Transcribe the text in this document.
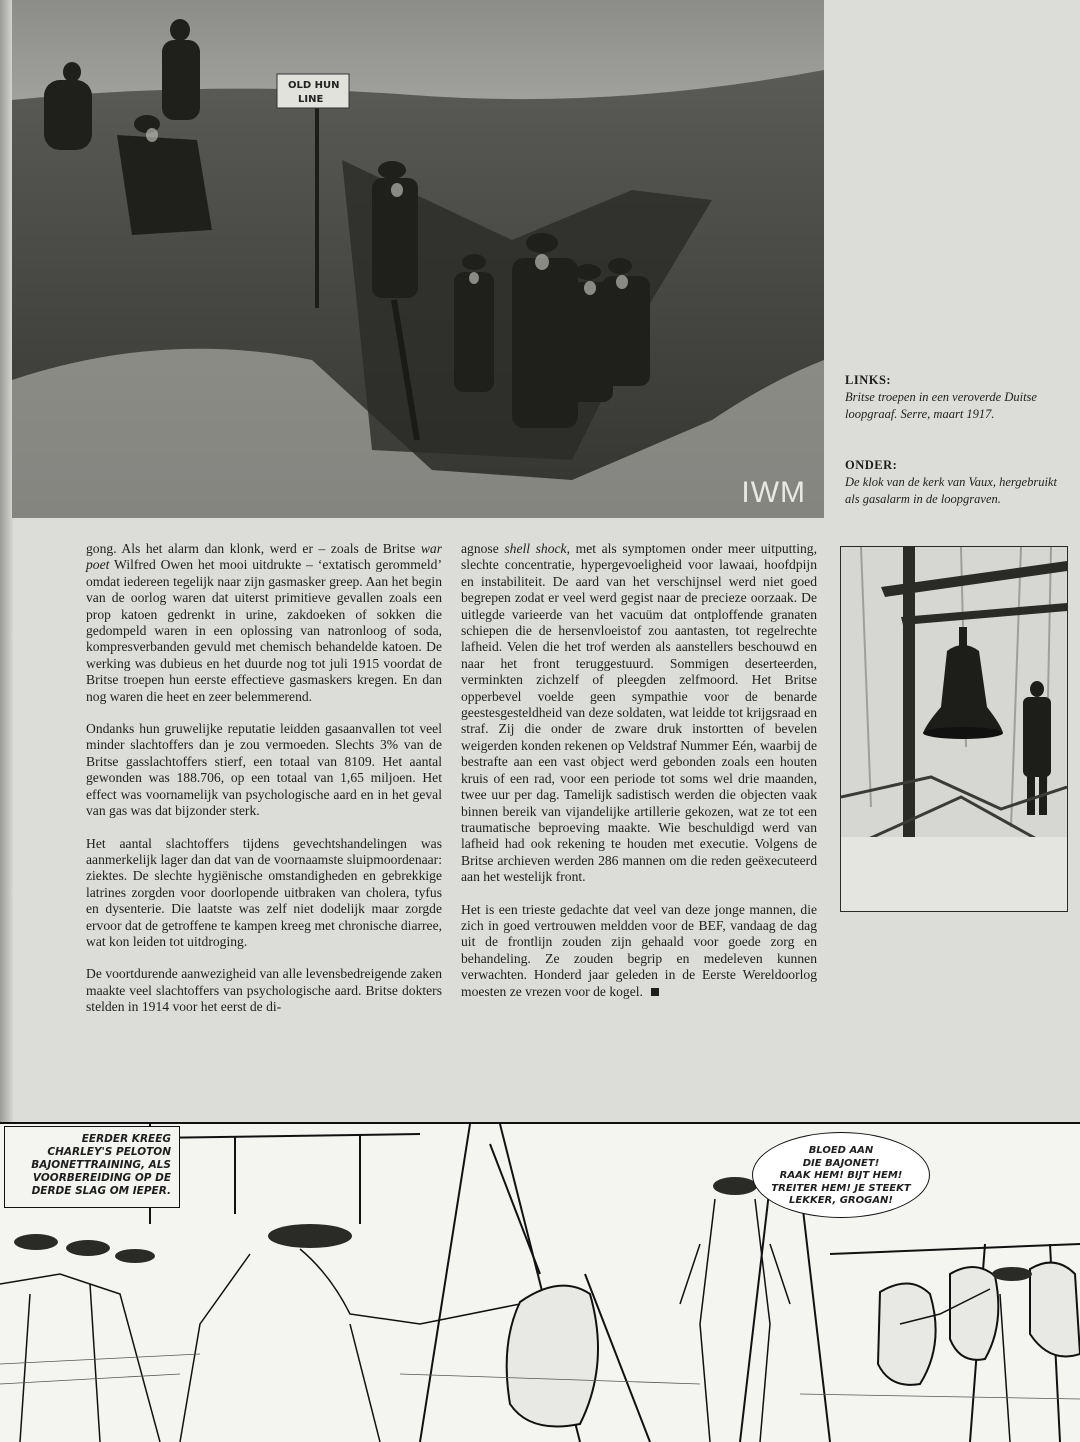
OLD HUN
LINE
IWM
LINKS:
Britse troepen in een veroverde Duitse loopgraaf. Serre, maart 1917.
ONDER:
De klok van de kerk van Vaux, hergebruikt als gasalarm in de loopgraven.

gong. Als het alarm dan klonk, werd er – zoals de Britse war poet Wilfred Owen het mooi uitdrukte – ‘extatisch gerommeld’ omdat iedereen tegelijk naar zijn gasmasker greep. Aan het begin van de oorlog waren dat uiterst primitieve gevallen zoals een prop katoen gedrenkt in urine, zakdoeken of sokken die gedompeld waren in een oplossing van natronloog of soda, kompresverbanden gevuld met chemisch behandelde katoen. De werking was dubieus en het duurde nog tot juli 1915 voordat de Britse troepen hun eerste effectieve gasmaskers kregen. En dan nog waren die heet en zeer belemmerend.

Ondanks hun gruwelijke reputatie leidden gasaanvallen tot veel minder slachtoffers dan je zou vermoeden. Slechts 3% van de Britse gasslachtoffers stierf, een totaal van 8109. Het aantal gewonden was 188.706, op een totaal van 1,65 miljoen. Het effect was voornamelijk van psychologische aard en in het geval van gas was dat bijzonder sterk.

Het aantal slachtoffers tijdens gevechtshandelingen was aanmerkelijk lager dan dat van de voornaamste sluipmoordenaar: ziektes. De slechte hygiënische omstandigheden en gebrekkige latrines zorgden voor doorlopende uitbraken van cholera, tyfus en dysenterie. Die laatste was zelf niet dodelijk maar zorgde ervoor dat de getroffene te kampen kreeg met chronische diarree, wat kon leiden tot uitdroging.

De voortdurende aanwezigheid van alle levensbedreigende zaken maakte veel slachtoffers van psychologische aard. Britse dokters stelden in 1914 voor het eerst de di-

agnose shell shock, met als symptomen onder meer uitputting, slechte concentratie, hypergevoeligheid voor lawaai, hoofdpijn en instabiliteit. De aard van het verschijnsel werd niet goed begrepen zodat er veel werd gegist naar de precieze oorzaak. De uitlegde varieerde van het vacuüm dat ontploffende granaten schiepen die de hersenvloeistof zou aantasten, tot regelrechte lafheid. Velen die het trof werden als aanstellers beschouwd en naar het front teruggestuurd. Sommigen deserteerden, verminkten zichzelf of pleegden zelfmoord. Het Britse opperbevel voelde geen sympathie voor de benarde geestesgesteldheid van deze soldaten, wat leidde tot krijgsraad en straf. Zij die onder de zware druk instortten of bevelen weigerden konden rekenen op Veldstraf Nummer Eén, waarbij de bestrafte aan een vast object werd gebonden zoals een houten kruis of een rad, voor een periode tot soms wel drie maanden, twee uur per dag. Tamelijk sadistisch werden die objecten vaak binnen bereik van vijandelijke artillerie gekozen, wat ze tot een traumatische beproeving maakte. Wie beschuldigd werd van lafheid had ook rekening te houden met executie. Volgens de Britse archieven werden 286 mannen om die reden geëxecuteerd aan het westelijk front.

Het is een trieste gedachte dat veel van deze jonge mannen, die zich in goed vertrouwen meldden voor de BEF, vandaag de dag uit de frontlijn zouden zijn gehaald voor goede zorg en behandeling. Ze zouden begrip en medeleven kunnen verwachten. Honderd jaar geleden in de Eerste Wereldoorlog moesten ze vrezen voor de kogel.

EERDER KREEG
CHARLEY'S PELOTON
BAJONETTRAINING, ALS
VOORBEREIDING OP DE
DERDE SLAG OM IEPER.
BLOED AAN
DIE BAJONET!
RAAK HEM! BIJT HEM!
TREITER HEM! JE STEEKT
LEKKER, GROGAN!
